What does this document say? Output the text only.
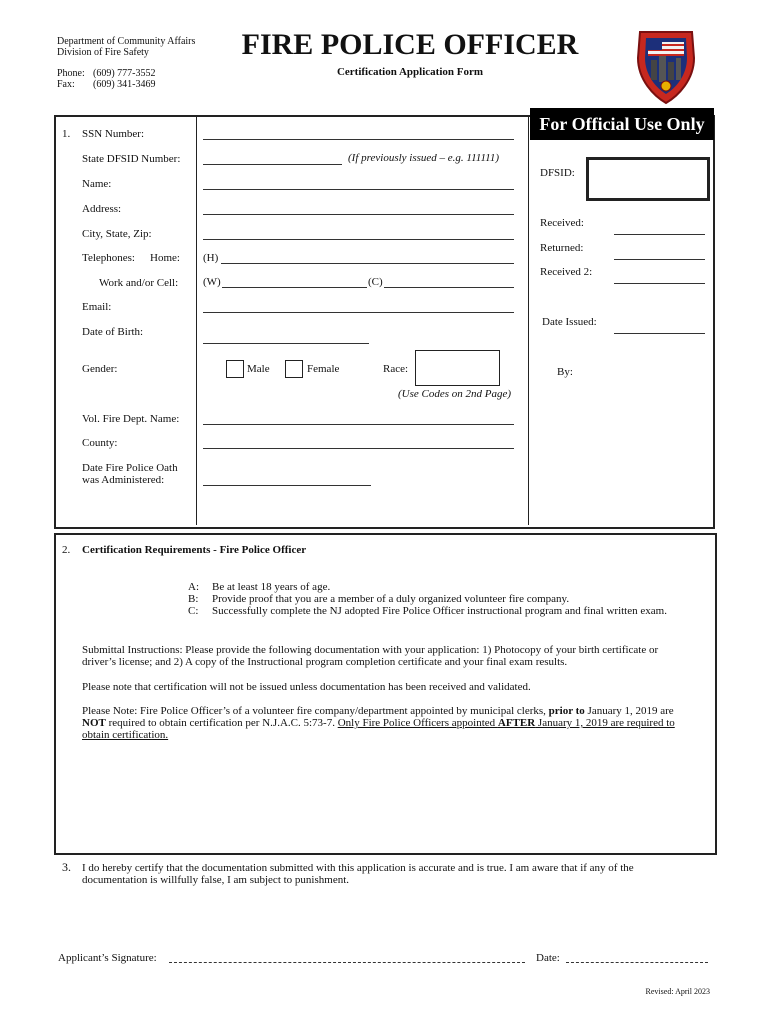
Department of Community Affairs
Division of Fire Safety
Phone: (609) 777-3552
Fax: (609) 341-3469
FIRE POLICE OFFICER
Certification Application Form
1. SSN Number:
State DFSID Number:	(If previously issued – e.g. 111111)
Name:
Address:
City, State, Zip:
Telephones: Home: (H)
Work and/or Cell: (W)	(C)
Email:
Date of Birth:
Gender:	Male	Female	Race:
(Use Codes on 2nd Page)
Vol. Fire Dept. Name:
County:
Date Fire Police Oath
was Administered:
For Official Use Only
DFSID:
Received:
Returned:
Received 2:
Date Issued:
By:
2. Certification Requirements - Fire Police Officer
A: Be at least 18 years of age.
B: Provide proof that you are a member of a duly organized volunteer fire company.
C: Successfully complete the NJ adopted Fire Police Officer instructional program and final written exam.
Submittal Instructions: Please provide the following documentation with your application: 1) Photocopy of your birth certificate or driver’s license; and 2) A copy of the Instructional program completion certificate and your final exam results.
Please note that certification will not be issued unless documentation has been received and validated.
Please Note: Fire Police Officer’s of a volunteer fire company/department appointed by municipal clerks, prior to January 1, 2019 are NOT required to obtain certification per N.J.A.C. 5:73-7. Only Fire Police Officers appointed AFTER January 1, 2019 are required to obtain certification.
3. I do hereby certify that the documentation submitted with this application is accurate and is true. I am aware that if any of the documentation is willfully false, I am subject to punishment.
Applicant’s Signature:	Date:
Revised: April 2023
